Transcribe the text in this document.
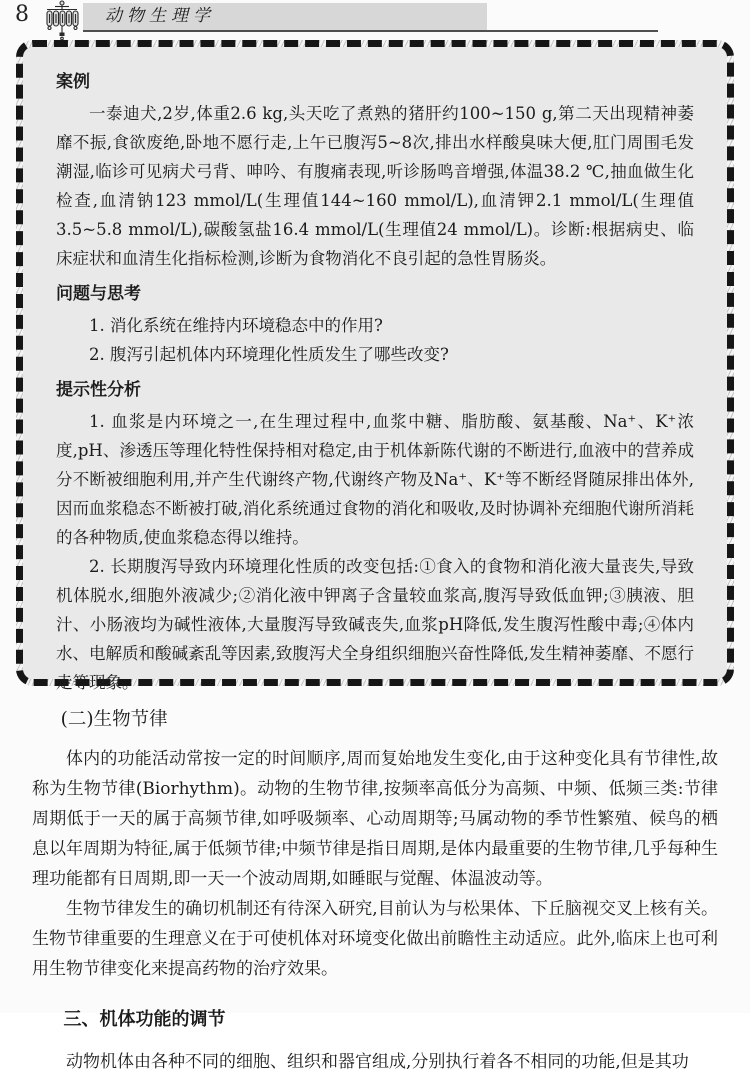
8	动物生理学
案例

一泰迪犬,2岁,体重2.6 kg,头天吃了煮熟的猪肝约100~150 g,第二天出现精神萎靡不振,食欲废绝,卧地不愿行走,上午已腹泻5~8次,排出水样酸臭味大便,肛门周围毛发潮湿,临诊可见病犬弓背、呻吟、有腹痛表现,听诊肠鸣音增强,体温38.2 ℃,抽血做生化检查,血清钠123 mmol/L(生理值144~160 mmol/L),血清钾2.1 mmol/L(生理值3.5~5.8 mmol/L),碳酸氢盐16.4 mmol/L(生理值24 mmol/L)。诊断:根据病史、临床症状和血清生化指标检测,诊断为食物消化不良引起的急性胃肠炎。

问题与思考

1. 消化系统在维持内环境稳态中的作用?

2. 腹泻引起机体内环境理化性质发生了哪些改变?

提示性分析

1. 血浆是内环境之一,在生理过程中,血浆中糖、脂肪酸、氨基酸、Na⁺、K⁺浓度,pH、渗透压等理化特性保持相对稳定,由于机体新陈代谢的不断进行,血液中的营养成分不断被细胞利用,并产生代谢终产物,代谢终产物及Na⁺、K⁺等不断经肾随尿排出体外,因而血浆稳态不断被打破,消化系统通过食物的消化和吸收,及时协调补充细胞代谢所消耗的各种物质,使血浆稳态得以维持。

2. 长期腹泻导致内环境理化性质的改变包括:①食入的食物和消化液大量丧失,导致机体脱水,细胞外液减少;②消化液中钾离子含量较血浆高,腹泻导致低血钾;③胰液、胆汁、小肠液均为碱性液体,大量腹泻导致碱丧失,血浆pH降低,发生腹泻性酸中毒;④体内水、电解质和酸碱紊乱等因素,致腹泻犬全身组织细胞兴奋性降低,发生精神萎靡、不愿行走等现象。

(二)生物节律

体内的功能活动常按一定的时间顺序,周而复始地发生变化,由于这种变化具有节律性,故称为生物节律(Biorhythm)。动物的生物节律,按频率高低分为高频、中频、低频三类:节律周期低于一天的属于高频节律,如呼吸频率、心动周期等;马属动物的季节性繁殖、候鸟的栖息以年周期为特征,属于低频节律;中频节律是指日周期,是体内最重要的生物节律,几乎每种生理功能都有日周期,即一天一个波动周期,如睡眠与觉醒、体温波动等。

生物节律发生的确切机制还有待深入研究,目前认为与松果体、下丘脑视交叉上核有关。生物节律重要的生理意义在于可使机体对环境变化做出前瞻性主动适应。此外,临床上也可利用生物节律变化来提高药物的治疗效果。

三、机体功能的调节

动物机体由各种不同的细胞、组织和器官组成,分别执行着各不相同的功能,但是其功
